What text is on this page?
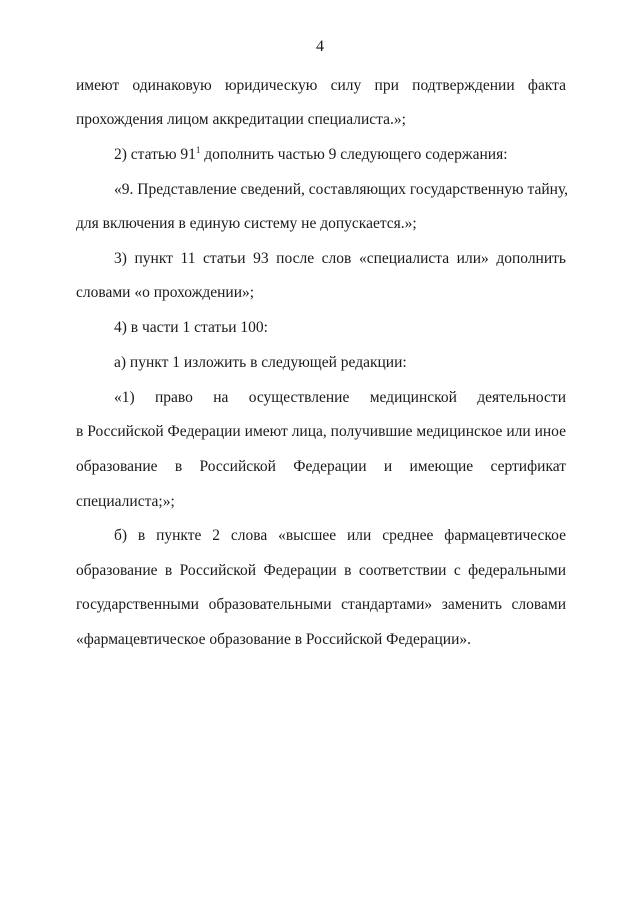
4
имеют одинаковую юридическую силу при подтверждении факта
прохождения лицом аккредитации специалиста.»;
2) статью $91^1$ дополнить частью 9 следующего содержания:
«9. Представление сведений, составляющих государственную тайну,
для включения в единую систему не допускается.»;
3) пункт 11 статьи 93 после слов «специалиста или» дополнить
словами «о прохождении»;
4) в части 1 статьи 100:
а) пункт 1 изложить в следующей редакции:
«1) право на осуществление медицинской деятельности
в Российской Федерации имеют лица, получившие медицинское или иное
образование в Российской Федерации и имеющие сертификат
специалиста;»;
б) в пункте 2 слова «высшее или среднее фармацевтическое
образование в Российской Федерации в соответствии с федеральными
государственными образовательными стандартами» заменить словами
«фармацевтическое образование в Российской Федерации».
